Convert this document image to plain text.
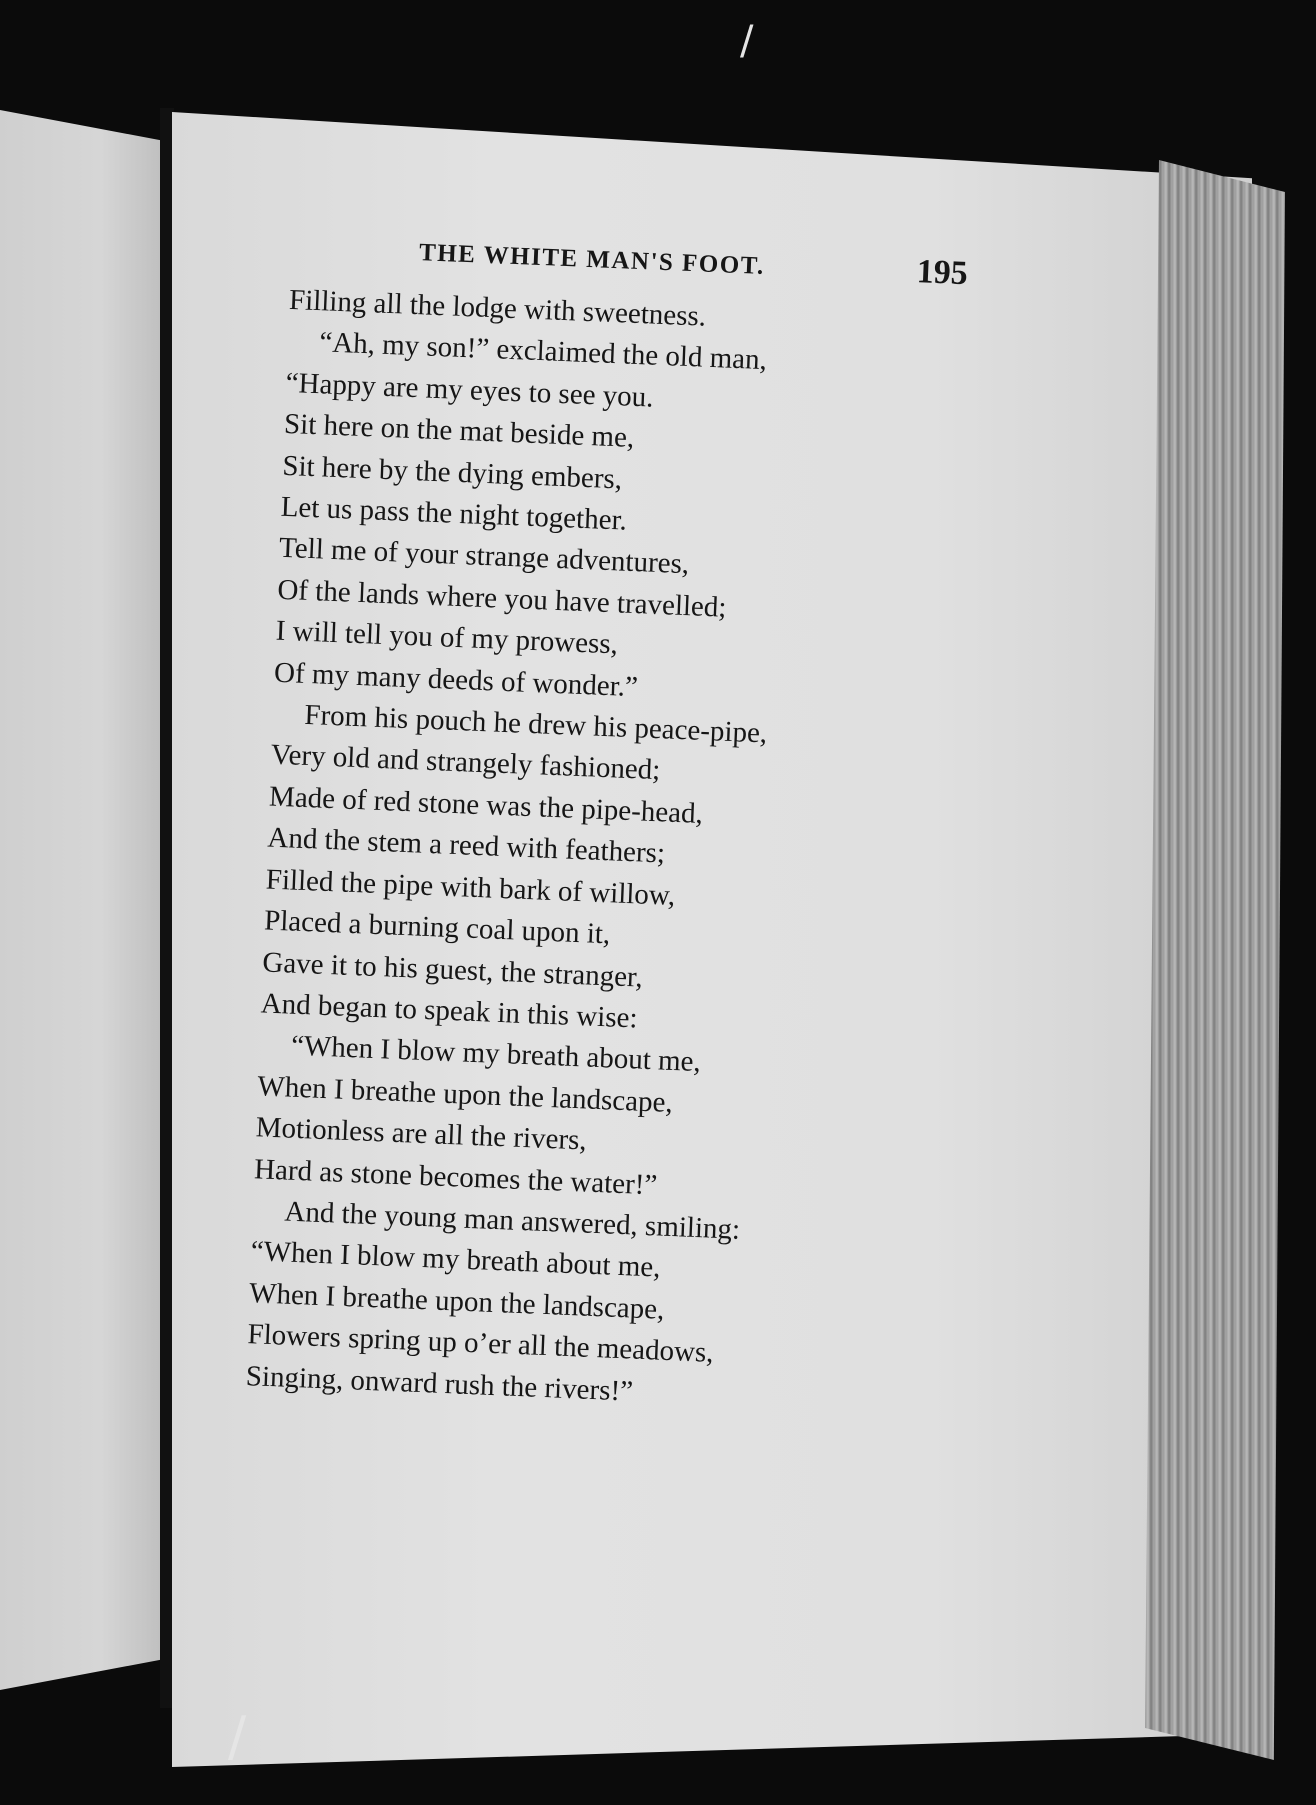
/
/
THE WHITE MAN'S FOOT.	195
Filling all the lodge with sweetness.
“Ah, my son!” exclaimed the old man,
“Happy are my eyes to see you.
Sit here on the mat beside me,
Sit here by the dying embers,
Let us pass the night together.
Tell me of your strange adventures,
Of the lands where you have travelled;
I will tell you of my prowess,
Of my many deeds of wonder.”
From his pouch he drew his peace-pipe,
Very old and strangely fashioned;
Made of red stone was the pipe-head,
And the stem a reed with feathers;
Filled the pipe with bark of willow,
Placed a burning coal upon it,
Gave it to his guest, the stranger,
And began to speak in this wise:
“When I blow my breath about me,
When I breathe upon the landscape,
Motionless are all the rivers,
Hard as stone becomes the water!”
And the young man answered, smiling:
“When I blow my breath about me,
When I breathe upon the landscape,
Flowers spring up o’er all the meadows,
Singing, onward rush the rivers!”
